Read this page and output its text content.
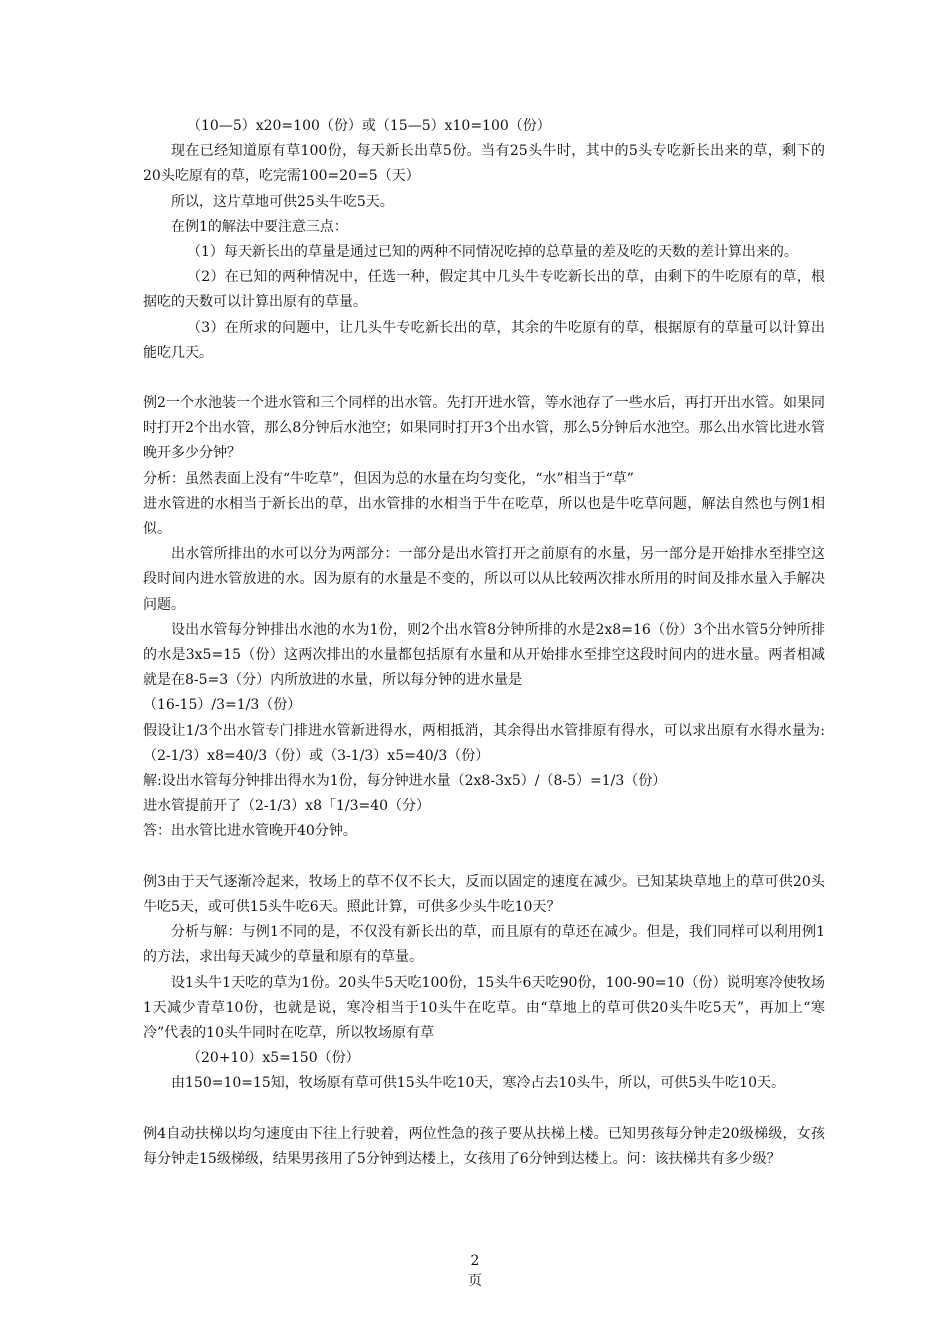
（10—5）x20=100（份）或（15—5）x10=100（份）

现在已经知道原有草100份，每天新长出草5份。当有25头牛时，其中的5头专吃新长出来的草，剩下的20头吃原有的草，吃完需100=20=5（天）

所以，这片草地可供25头牛吃5天。

在例1的解法中要注意三点：

（1）每天新长出的草量是通过已知的两种不同情况吃掉的总草量的差及吃的天数的差计算出来的。

（2）在已知的两种情况中，任选一种，假定其中几头牛专吃新长出的草，由剩下的牛吃原有的草，根据吃的天数可以计算出原有的草量。

（3）在所求的问题中，让几头牛专吃新长出的草，其余的牛吃原有的草，根据原有的草量可以计算出能吃几天。

例2一个水池装一个进水管和三个同样的出水管。先打开进水管，等水池存了一些水后，再打开出水管。如果同时打开2个出水管，那么8分钟后水池空；如果同时打开3个出水管，那么5分钟后水池空。那么出水管比进水管晚开多少分钟？

分析：虽然表面上没有“牛吃草”，但因为总的水量在均匀变化，“水”相当于“草”

进水管进的水相当于新长出的草，出水管排的水相当于牛在吃草，所以也是牛吃草问题，解法自然也与例1相似。

出水管所排出的水可以分为两部分：一部分是出水管打开之前原有的水量，另一部分是开始排水至排空这段时间内进水管放进的水。因为原有的水量是不变的，所以可以从比较两次排水所用的时间及排水量入手解决问题。

设出水管每分钟排出水池的水为1份，则2个出水管8分钟所排的水是2x8=16（份）3个出水管5分钟所排的水是3x5=15（份）这两次排出的水量都包括原有水量和从开始排水至排空这段时间内的进水量。两者相减就是在8-5=3（分）内所放进的水量，所以每分钟的进水量是

（16-15）/3=1/3（份）

假设让1/3个出水管专门排进水管新进得水，两相抵消，其余得出水管排原有得水，可以求出原有水得水量为:（2-1/3）x8=40/3（份）或（3-1/3）x5=40/3（份）

解:设出水管每分钟排出得水为1份，每分钟进水量（2x8-3x5）/（8-5）=1/3（份）

进水管提前开了（2-1/3）x8「1/3=40（分）

答：出水管比进水管晚开40分钟。

例3由于天气逐渐冷起来，牧场上的草不仅不长大，反而以固定的速度在减少。已知某块草地上的草可供20头牛吃5天，或可供15头牛吃6天。照此计算，可供多少头牛吃10天？

分析与解：与例1不同的是，不仅没有新长出的草，而且原有的草还在减少。但是，我们同样可以利用例1的方法，求出每天减少的草量和原有的草量。

设1头牛1天吃的草为1份。20头牛5天吃100份，15头牛6天吃90份，100-90=10（份）说明寒冷使牧场1天减少青草10份，也就是说，寒冷相当于10头牛在吃草。由“草地上的草可供20头牛吃5天”，再加上“寒冷”代表的10头牛同时在吃草，所以牧场原有草

（20+10）x5=150（份）

由150=10=15知，牧场原有草可供15头牛吃10天，寒冷占去10头牛，所以，可供5头牛吃10天。

例4自动扶梯以均匀速度由下往上行驶着，两位性急的孩子要从扶梯上楼。已知男孩每分钟走20级梯级，女孩每分钟走15级梯级，结果男孩用了5分钟到达楼上，女孩用了6分钟到达楼上。问：该扶梯共有多少级？

2
页
